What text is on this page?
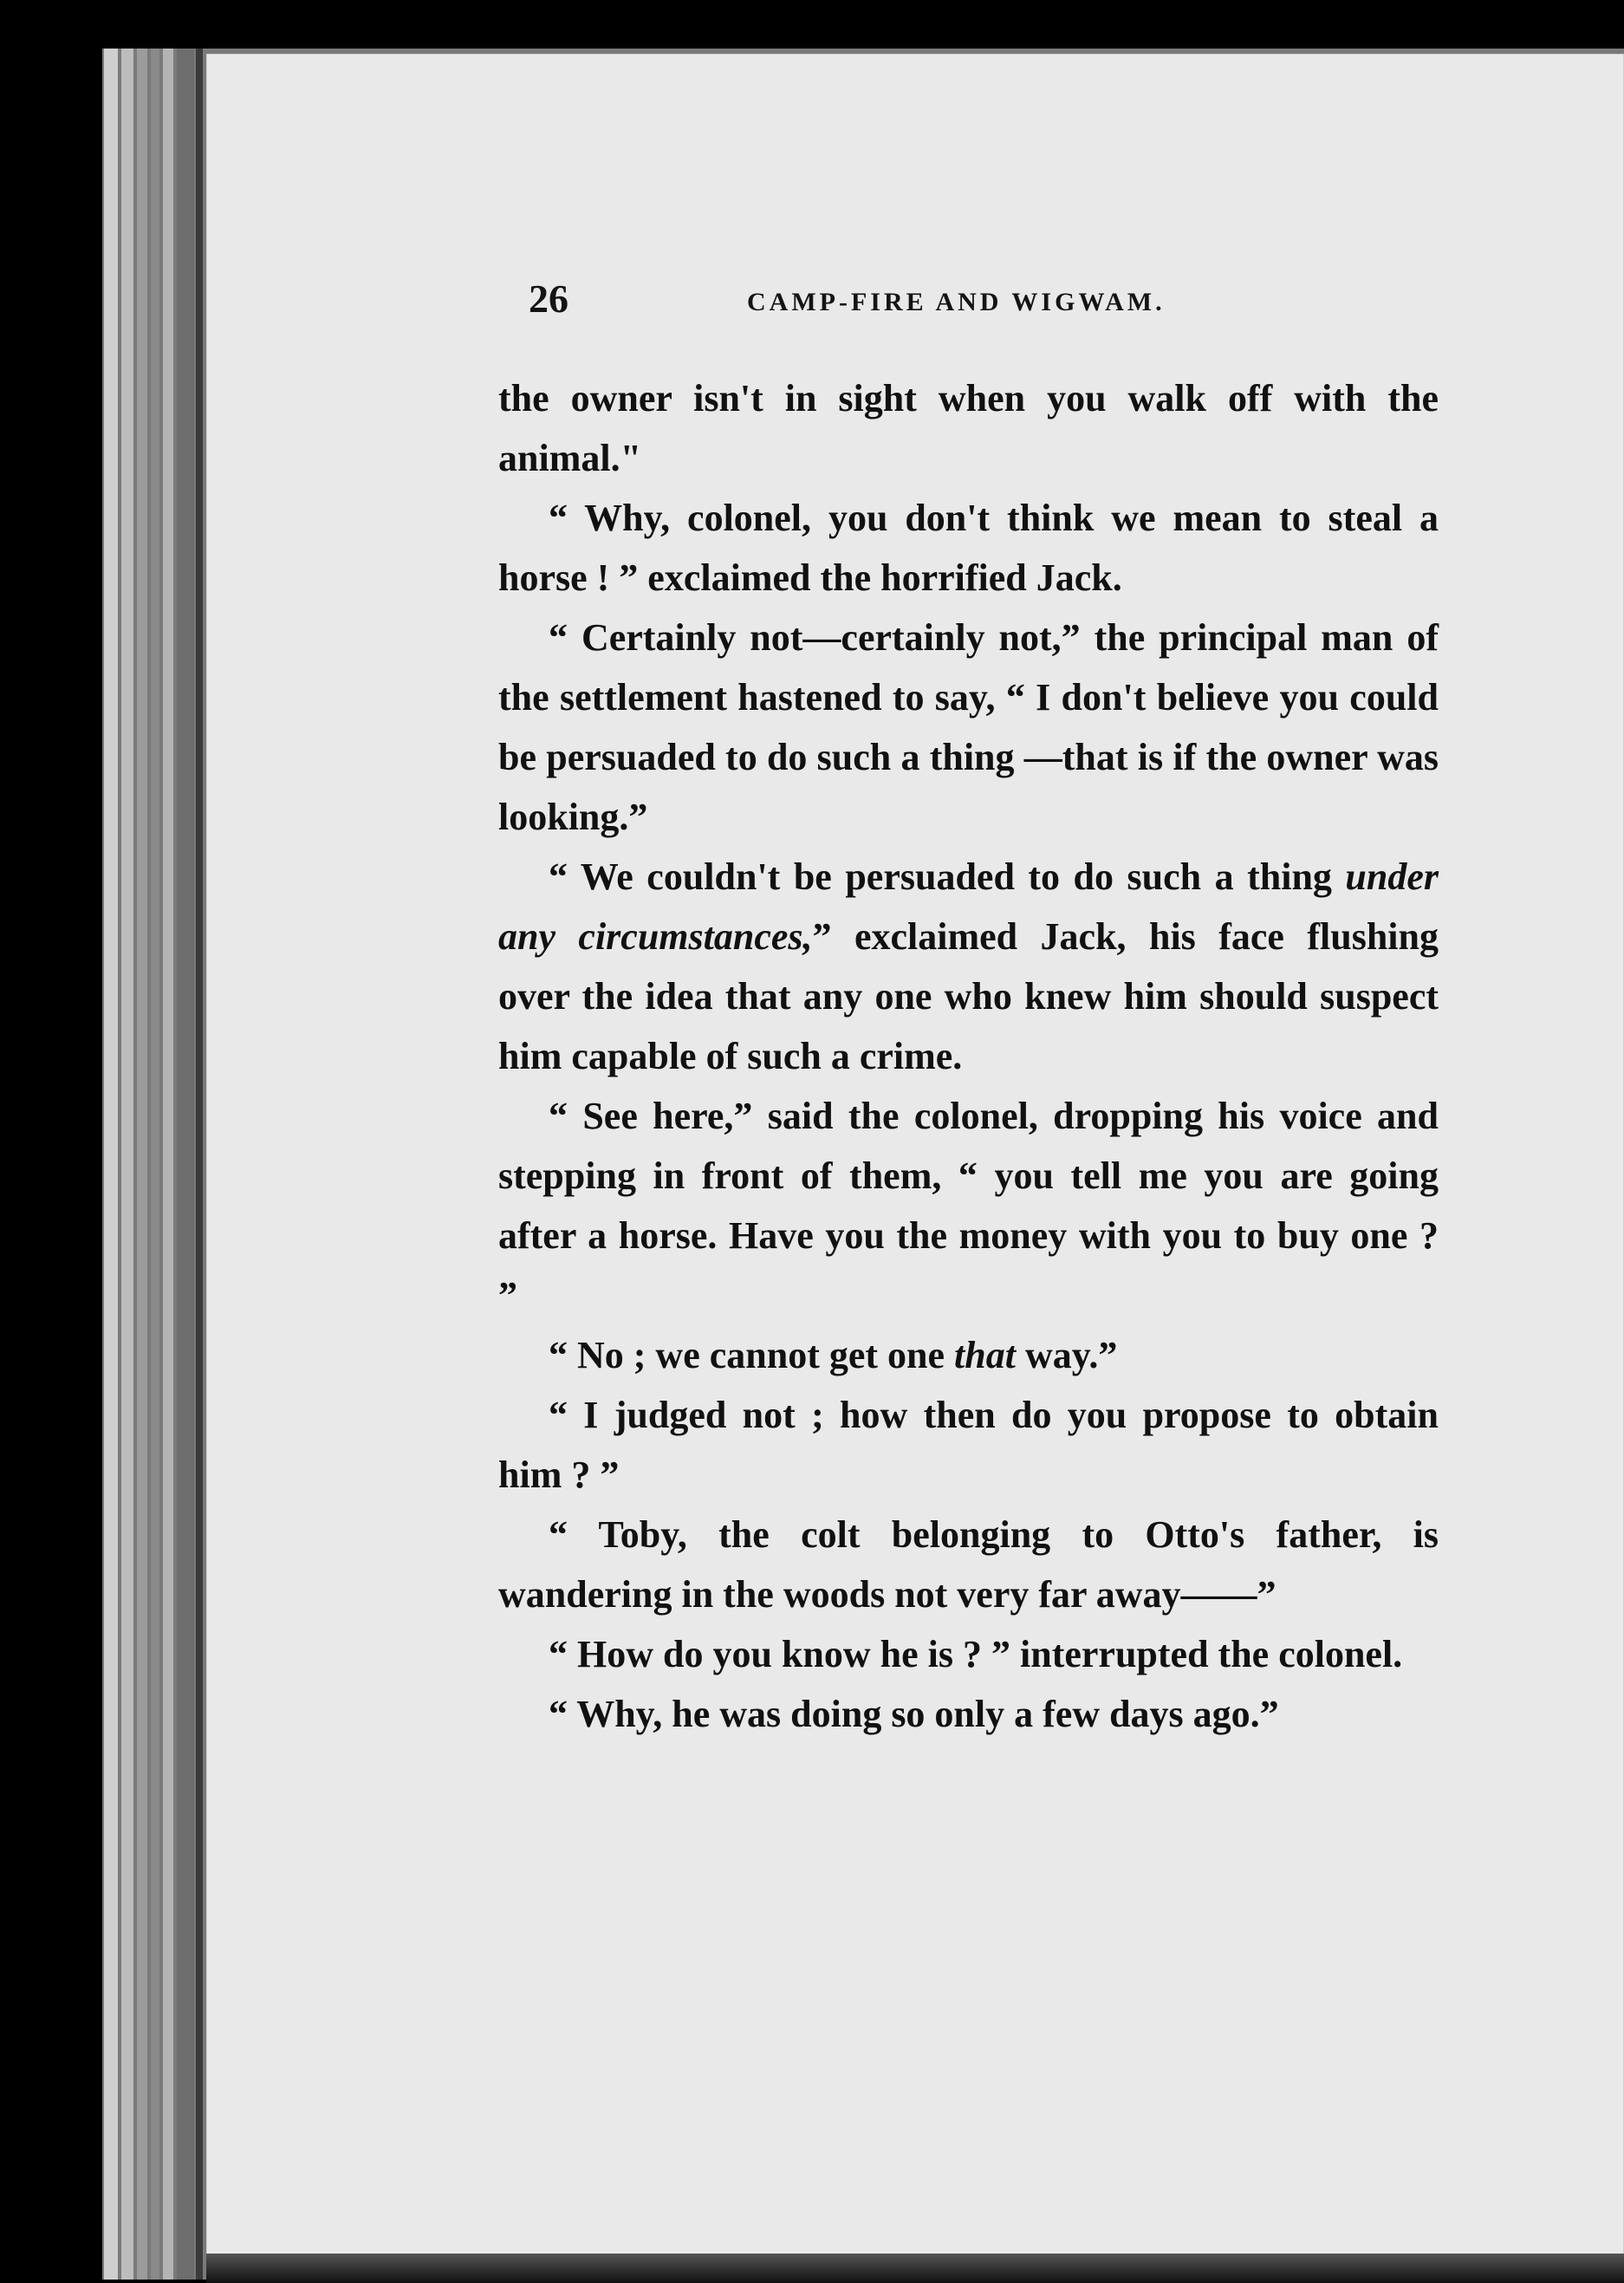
26	CAMP-FIRE AND WIGWAM.

the owner isn't in sight when you walk off with the animal."

“ Why, colonel, you don't think we mean to steal a horse ! ” exclaimed the horrified Jack.

“ Certainly not—certainly not,” the principal man of the settlement hastened to say, “ I don't believe you could be persuaded to do such a thing —that is if the owner was looking.”

“ We couldn't be persuaded to do such a thing under any circumstances,” exclaimed Jack, his face flushing over the idea that any one who knew him should suspect him capable of such a crime.

“ See here,” said the colonel, dropping his voice and stepping in front of them, “ you tell me you are going after a horse. Have you the money with you to buy one ? ”

“ No ; we cannot get one that way.”

“ I judged not ; how then do you propose to obtain him ? ”

“ Toby, the colt belonging to Otto's father, is wandering in the woods not very far away——”

“ How do you know he is ? ” interrupted the colonel.

“ Why, he was doing so only a few days ago.”
